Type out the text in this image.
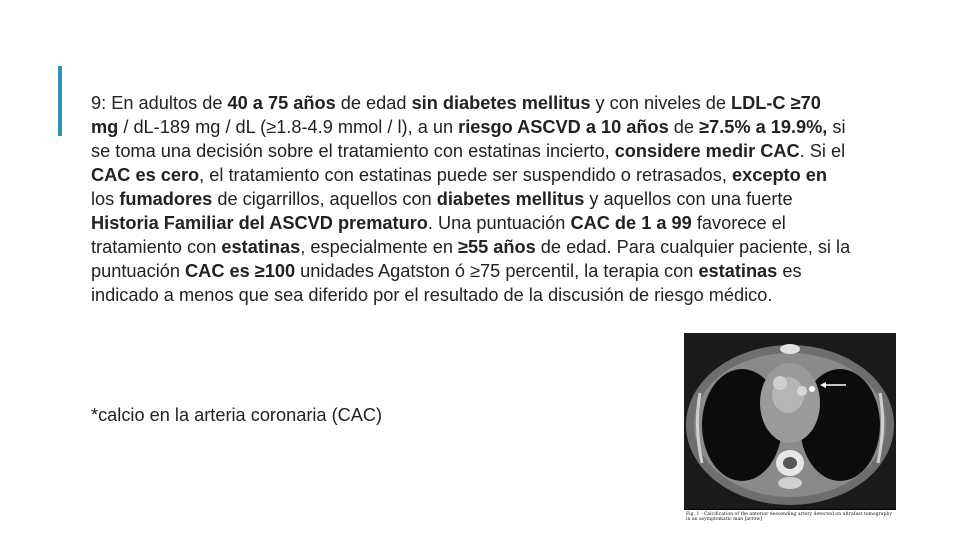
9: En adultos de 40 a 75 años de edad sin diabetes mellitus y con niveles de LDL-C ≥70 mg / dL-189 mg / dL (≥1.8-4.9 mmol / l), a un riesgo ASCVD a 10 años de ≥7.5% a 19.9%, si se toma una decisión sobre el tratamiento con estatinas incierto, considere medir CAC. Si el CAC es cero, el tratamiento con estatinas puede ser suspendido o retrasados, excepto en los fumadores de cigarrillos, aquellos con diabetes mellitus y aquellos con una fuerte Historia Familiar del ASCVD prematuro. Una puntuación CAC de 1 a 99 favorece el tratamiento con estatinas, especialmente en ≥55 años de edad. Para cualquier paciente, si la puntuación CAC es ≥100 unidades Agatston ó ≥75 percentil, la terapia con estatinas es indicado a menos que sea diferido por el resultado de la discusión de riesgo médico.

*calcio en la arteria coronaria (CAC)

Fig. 1 - Calcification of the anterior descending artery detected on ultrafast tomography in an asymptomatic man [arrow]
